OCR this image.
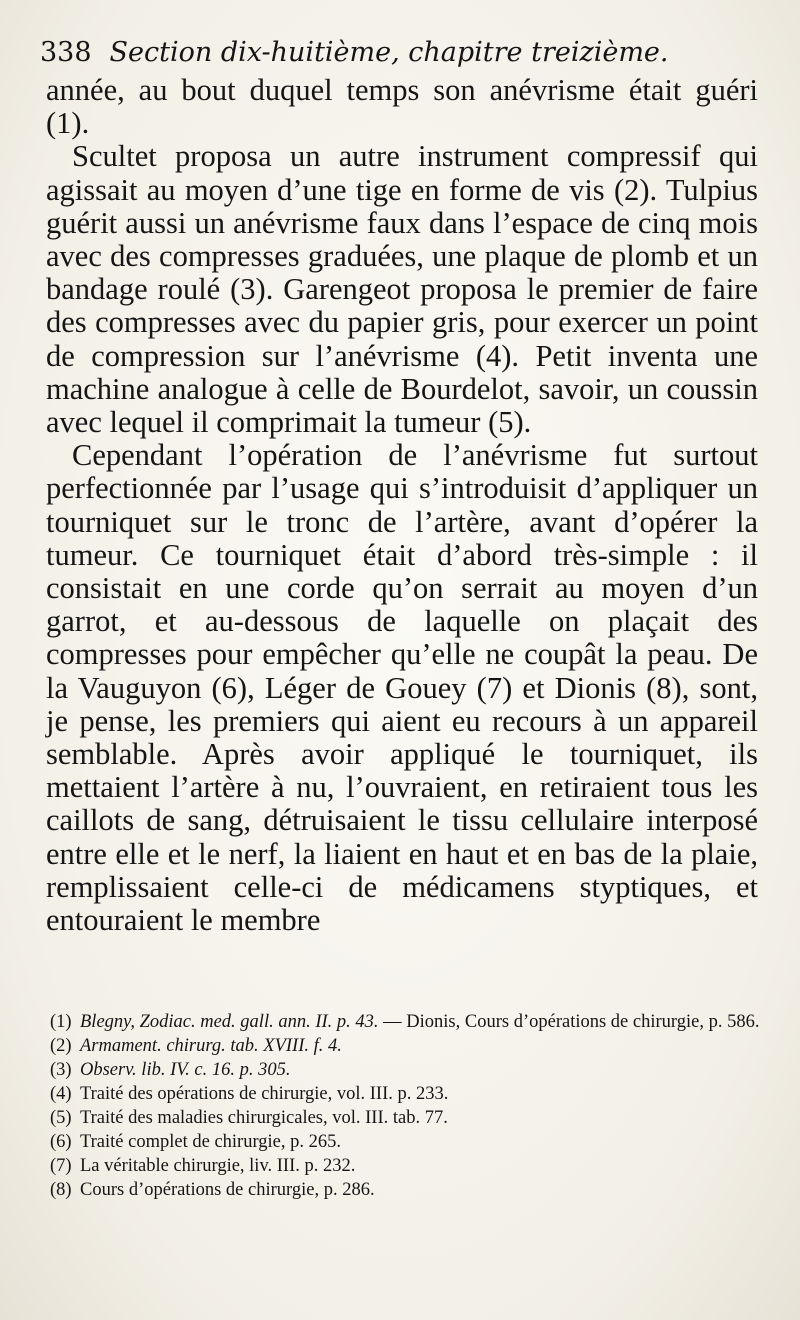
338 Section dix-huitième, chapitre treizième.

année, au bout duquel temps son anévrisme était guéri (1).

Scultet proposa un autre instrument compressif qui agissait au moyen d’une tige en forme de vis (2). Tulpius guérit aussi un anévrisme faux dans l’espace de cinq mois avec des compresses graduées, une plaque de plomb et un bandage roulé (3). Garengeot proposa le premier de faire des compresses avec du papier gris, pour exercer un point de compression sur l’anévrisme (4). Petit inventa une machine analogue à celle de Bourdelot, savoir, un coussin avec lequel il comprimait la tumeur (5).

Cependant l’opération de l’anévrisme fut surtout perfectionnée par l’usage qui s’introduisit d’appliquer un tourniquet sur le tronc de l’artère, avant d’opérer la tumeur. Ce tourniquet était d’abord très-simple : il consistait en une corde qu’on serrait au moyen d’un garrot, et au-dessous de laquelle on plaçait des compresses pour empêcher qu’elle ne coupât la peau. De la Vauguyon (6), Léger de Gouey (7) et Dionis (8), sont, je pense, les premiers qui aient eu recours à un appareil semblable. Après avoir appliqué le tourniquet, ils mettaient l’artère à nu, l’ouvraient, en retiraient tous les caillots de sang, détruisaient le tissu cellulaire interposé entre elle et le nerf, la liaient en haut et en bas de la plaie, remplissaient celle-ci de médicamens styptiques, et entouraient le membre

(1) Blegny, Zodiac. med. gall. ann. II. p. 43. — Dionis, Cours d’opérations de chirurgie, p. 586.

(2) Armament. chirurg. tab. XVIII. f. 4.

(3) Observ. lib. IV. c. 16. p. 305.

(4) Traité des opérations de chirurgie, vol. III. p. 233.

(5) Traité des maladies chirurgicales, vol. III. tab. 77.

(6) Traité complet de chirurgie, p. 265.

(7) La véritable chirurgie, liv. III. p. 232.

(8) Cours d’opérations de chirurgie, p. 286.
